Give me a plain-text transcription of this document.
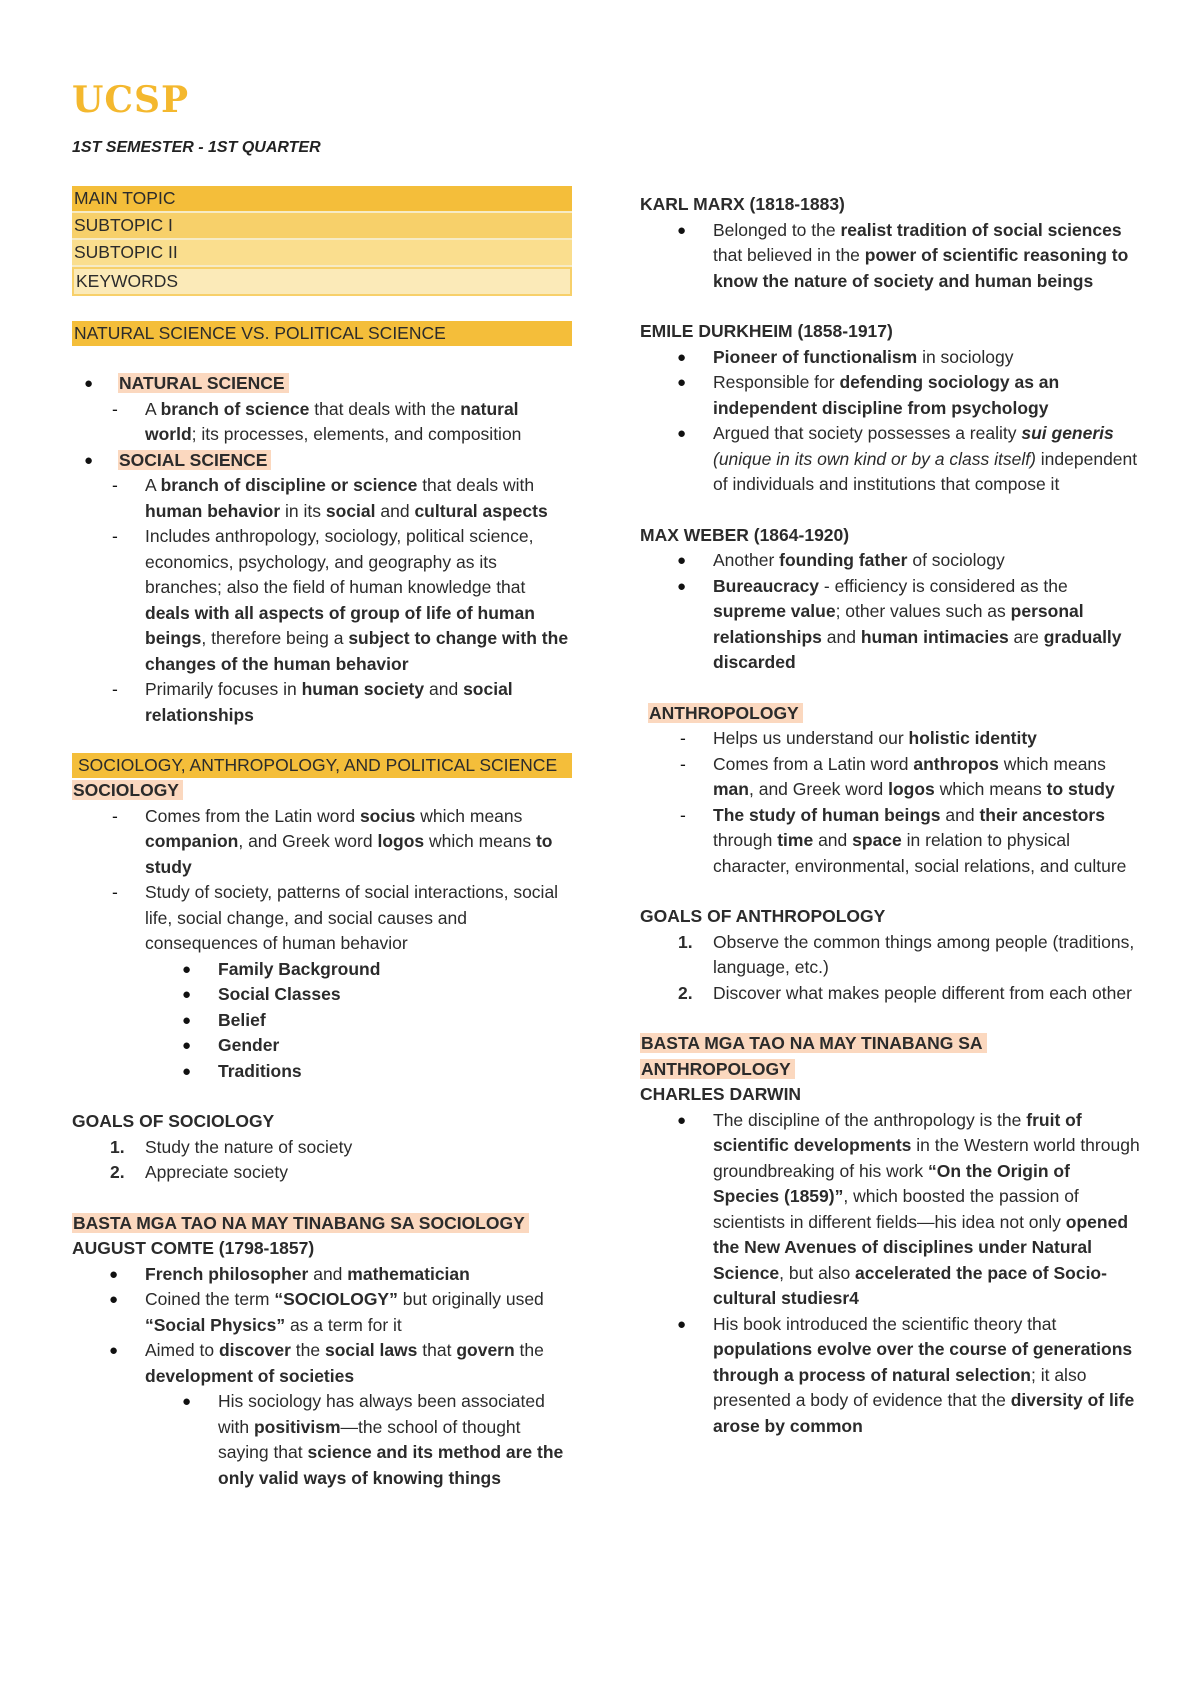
UCSP

1ST SEMESTER - 1ST QUARTER

MAIN TOPIC
SUBTOPIC I
SUBTOPIC II
KEYWORDS
NATURAL SCIENCE VS. POLITICAL SCIENCE
● NATURAL SCIENCE
- A branch of science that deals with the natural world; its processes, elements, and composition
● SOCIAL SCIENCE
- A branch of discipline or science that deals with human behavior in its social and cultural aspects
- Includes anthropology, sociology, political science, economics, psychology, and geography as its branches; also the field of human knowledge that deals with all aspects of group of life of human beings, therefore being a subject to change with the changes of the human behavior
- Primarily focuses in human society and social relationships
SOCIOLOGY, ANTHROPOLOGY, AND POLITICAL SCIENCE
SOCIOLOGY
- Comes from the Latin word socius which means companion, and Greek word logos which means to study
- Study of society, patterns of social interactions, social life, social change, and social causes and consequences of human behavior
● Family Background
● Social Classes
● Belief
● Gender
● Traditions
GOALS OF SOCIOLOGY
1. Study the nature of society
2. Appreciate society
BASTA MGA TAO NA MAY TINABANG SA SOCIOLOGY
AUGUST COMTE (1798-1857)
● French philosopher and mathematician
● Coined the term “SOCIOLOGY” but originally used “Social Physics” as a term for it
● Aimed to discover the social laws that govern the development of societies
● His sociology has always been associated with positivism—the school of thought saying that science and its method are the only valid ways of knowing things
KARL MARX (1818-1883)
● Belonged to the realist tradition of social sciences that believed in the power of scientific reasoning to know the nature of society and human beings
EMILE DURKHEIM (1858-1917)
● Pioneer of functionalism in sociology
● Responsible for defending sociology as an independent discipline from psychology
● Argued that society possesses a reality sui generis (unique in its own kind or by a class itself) independent of individuals and institutions that compose it
MAX WEBER (1864-1920)
● Another founding father of sociology
● Bureaucracy - efficiency is considered as the supreme value; other values such as personal relationships and human intimacies are gradually discarded
ANTHROPOLOGY
- Helps us understand our holistic identity
- Comes from a Latin word anthropos which means man, and Greek word logos which means to study
- The study of human beings and their ancestors through time and space in relation to physical character, environmental, social relations, and culture
GOALS OF ANTHROPOLOGY
1. Observe the common things among people (traditions, language, etc.)
2. Discover what makes people different from each other
BASTA MGA TAO NA MAY TINABANG SA ANTHROPOLOGY
CHARLES DARWIN
● The discipline of the anthropology is the fruit of scientific developments in the Western world through groundbreaking of his work “On the Origin of Species (1859)”, which boosted the passion of scientists in different fields—his idea not only opened the New Avenues of disciplines under Natural Science, but also accelerated the pace of Socio-cultural studiesr4
● His book introduced the scientific theory that populations evolve over the course of generations through a process of natural selection; it also presented a body of evidence that the diversity of life arose by common
